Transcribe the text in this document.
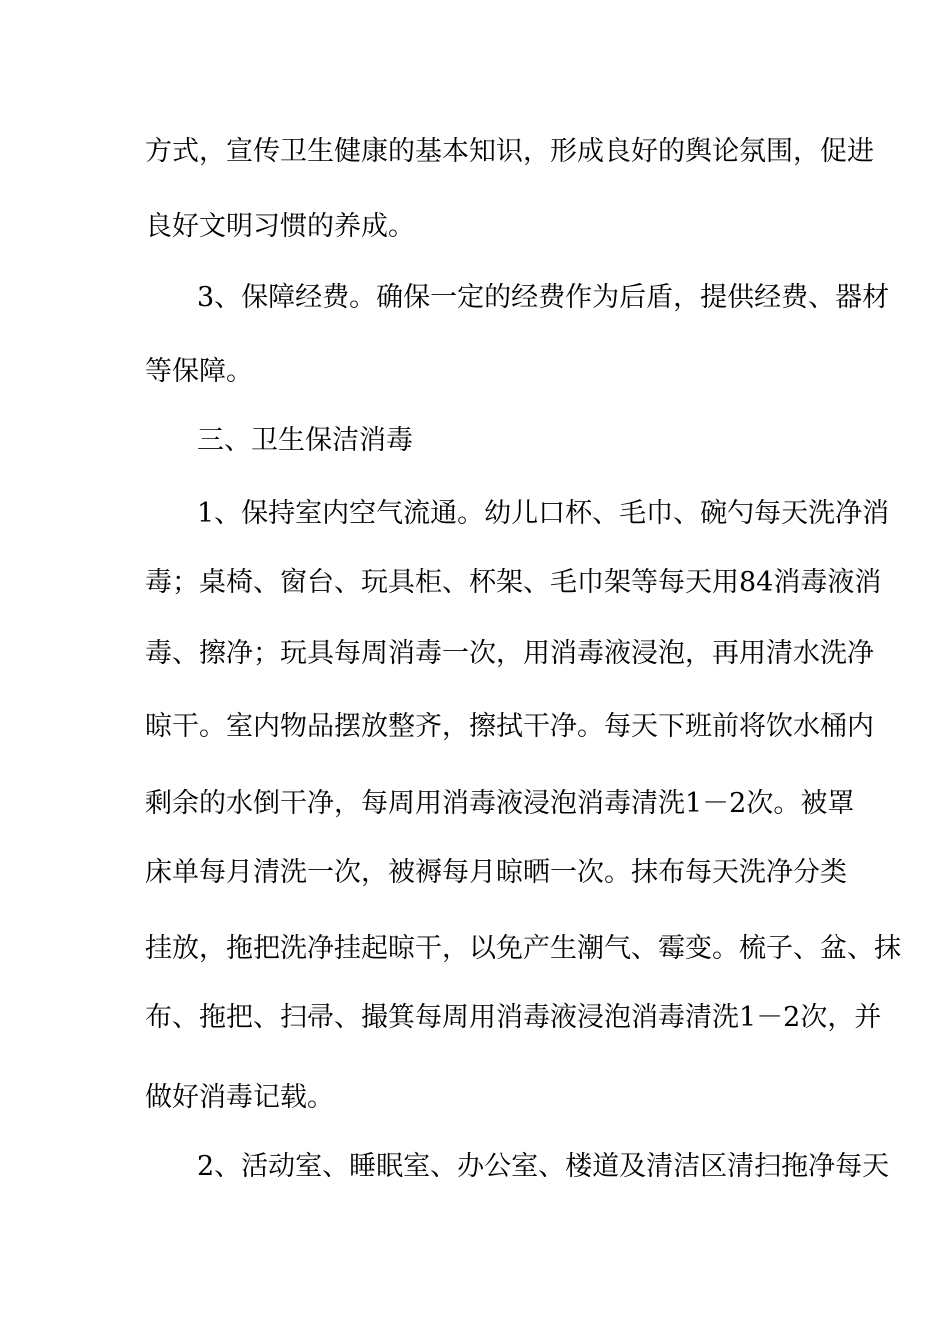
方式，宣传卫生健康的基本知识，形成良好的舆论氛围，促进
良好文明习惯的养成。
3、保障经费。确保一定的经费作为后盾，提供经费、器材
等保障。
三、卫生保洁消毒
1、保持室内空气流通。幼儿口杯、毛巾、碗勺每天洗净消
毒；桌椅、窗台、玩具柜、杯架、毛巾架等每天用84消毒液消
毒、擦净；玩具每周消毒一次，用消毒液浸泡，再用清水洗净
晾干。室内物品摆放整齐，擦拭干净。每天下班前将饮水桶内
剩余的水倒干净，每周用消毒液浸泡消毒清洗1－2次。被罩
床单每月清洗一次，被褥每月晾晒一次。抹布每天洗净分类
挂放，拖把洗净挂起晾干，以免产生潮气、霉变。梳子、盆、抹
布、拖把、扫帚、撮箕每周用消毒液浸泡消毒清洗1－2次，并
做好消毒记载。
2、活动室、睡眠室、办公室、楼道及清洁区清扫拖净每天
